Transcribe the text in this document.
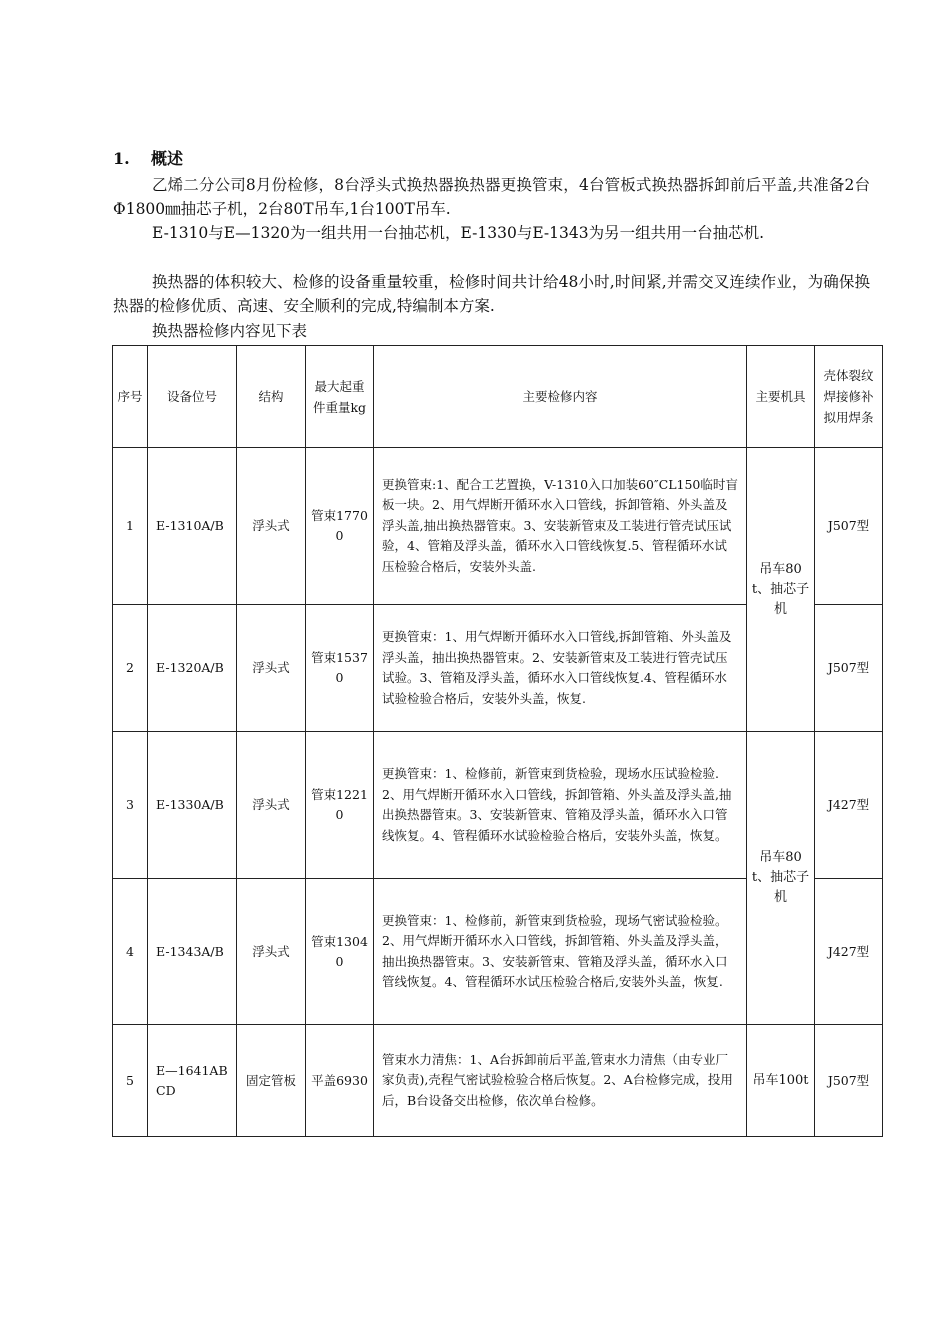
1. 概述
乙烯二分公司8月份检修，8台浮头式换热器换热器更换管束，4台管板式换热器拆卸前后平盖,共准备2台 Φ1800㎜抽芯子机，2台80T吊车,1台100T吊车.
E-1310与E—1320为一组共用一台抽芯机，E-1330与E-1343为另一组共用一台抽芯机.
换热器的体积较大、检修的设备重量较重，检修时间共计给48小时,时间紧,并需交叉连续作业，为确保换热器的检修优质、高速、安全顺利的完成,特编制本方案.
换热器检修内容见下表
序号	设备位号	结构	最大起重件重量kg	主要检修内容	主要机具	壳体裂纹焊接修补拟用焊条
1	E-1310A/B	浮头式	管束17700	更换管束:1、配合工艺置换，V-1310入口加装60″CL150临时盲板一块。2、用气焊断开循环水入口管线，拆卸管箱、外头盖及浮头盖,抽出换热器管束。3、安装新管束及工装进行管壳试压试验，4、管箱及浮头盖，循环水入口管线恢复.5、管程循环水试压检验合格后，安装外头盖.	吊车80t、抽芯子机	J507型
2	E-1320A/B	浮头式	管束15370	更换管束：1、用气焊断开循环水入口管线,拆卸管箱、外头盖及浮头盖，抽出换热器管束。2、安装新管束及工装进行管壳试压试验。3、管箱及浮头盖，循环水入口管线恢复.4、管程循环水试验检验合格后，安装外头盖，恢复.		J507型
3	E-1330A/B	浮头式	管束12210	更换管束：1、检修前，新管束到货检验，现场水压试验检验.2、用气焊断开循环水入口管线，拆卸管箱、外头盖及浮头盖,抽出换热器管束。3、安装新管束、管箱及浮头盖，循环水入口管线恢复。4、管程循环水试验检验合格后，安装外头盖，恢复。	吊车80t、抽芯子机	J427型
4	E-1343A/B	浮头式	管束13040	更换管束：1、检修前，新管束到货检验，现场气密试验检验。2、用气焊断开循环水入口管线，拆卸管箱、外头盖及浮头盖，抽出换热器管束。3、安装新管束、管箱及浮头盖，循环水入口管线恢复。4、管程循环水试压检验合格后,安装外头盖，恢复.		J427型
5	E—1641ABCD	固定管板	平盖6930	管束水力清焦：1、A台拆卸前后平盖,管束水力清焦（由专业厂家负责),壳程气密试验检验合格后恢复。2、A台检修完成，投用后，B台设备交出检修，依次单台检修。	吊车100t	J507型
